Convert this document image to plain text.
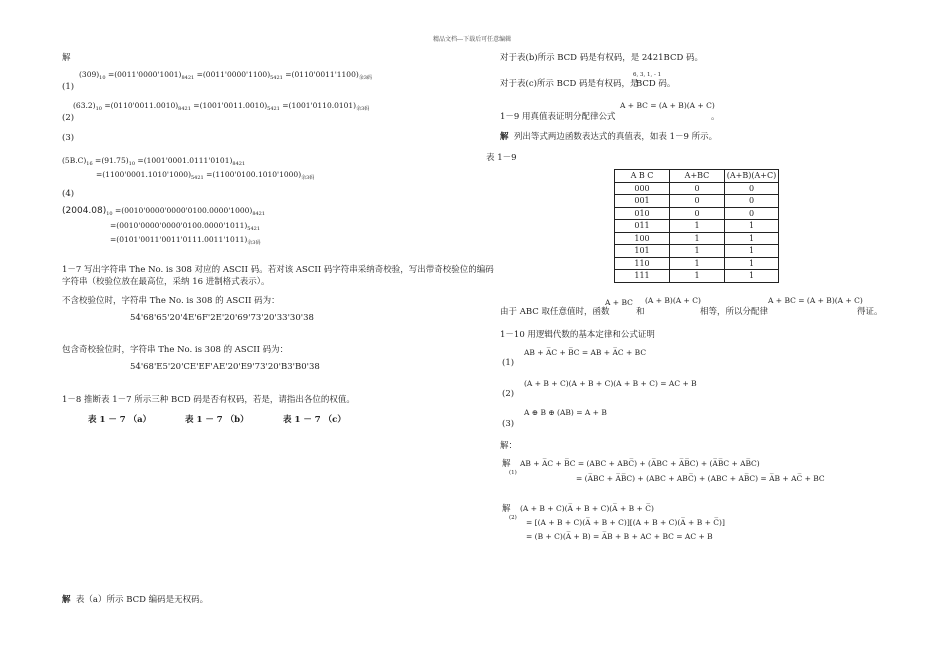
精品文档---下载后可任意编辑
解
$(309)_{10} =(0011'0000'1001)_{8421} =(0011'0000'1100)_{5421} =(0110'0011'1100)_{余3码}$
(1)
$(63.2)_{10} =(0110'0011.0010)_{8421} =(1001'0011.0010)_{5421} =(1001'0110.0101)_{余3码}$
(2)
(3)
$(5B.C)_{16} =(91.75)_{10} =(1001'0001.0111'0101)_{8421}$
$=(1100'0001.1010'1000)_{5421} =(1100'0100.1010'1000)_{余3码}$
(4)
$(2004.08)_{10} =(0010'0000'0000'0100.0000'1000)_{8421}$
$=(0010'0000'0000'0100.0000'1011)_{5421}$
$=(0101'0011'0011'0111.0011'1011)_{余3码}$
1－7 写出字符串 The No. is 308 对应的 ASCII 码。若对该 ASCII 码字符串采纳奇校验，写出带奇校验位的编码
字符串（校验位放在最高位，采纳 16 进制格式表示）。
不含校验位时，字符串 The No. is 308 的 ASCII 码为：
54'68'65'20'4E'6F'2E'20'69'73'20'33'30'38
包含奇校验位时，字符串 The No. is 308 的 ASCII 码为：
54'68'E5'20'CE'EF'AE'20'E9'73'20'B3'B0'38
1－8 推断表 1－7 所示三种 BCD 码是否有权码，若是，请指出各位的权值。
表 1 － 7 （a）	表 1 － 7 （b）	表 1 － 7 （c）
解 表（a）所示 BCD 编码是无权码。
对于表(b)所示 BCD 码是有权码，是 2421BCD 码。
对于表(c)所示 BCD 码是有权码，是
6, 3, 1, - 1
BCD 码。
A + BC = (A + B)(A + C)
1－9 用真值表证明分配律公式	。
解 列出等式两边函数表达式的真值表，如表 1－9 所示。
表 1－9
A B C	A+BC	(A+B)(A+C)
000	0	0
001	0	0
010	0	0
011	1	1
100	1	1
101	1	1
110	1	1
111	1	1
A + BC (A + B)(A + C)	A + BC = (A + B)(A + C)
由于 ABC 取任意值时，函数	和	相等，所以分配律	得证。
1－10 用逻辑代数的基本定律和公式证明
AB + A̅C + B̅C = AB + A̅C + BC
(1)
(A + B + C)(A + B + C)(A + B + C) = AC + B
(2)
A ⊕ B ⊕ (AB) = A + B
(3)
解：
解
(1)
AB + A̅C + B̅C = (ABC + ABC̅) + (A̅BC + A̅B̅C) + (A̅B̅C + AB̅C)
= (A̅BC + A̅B̅C) + (ABC + ABC̅) + (ABC + AB̅C) = A̅B + AC̅ + BC
解
(2)
(A + B + C)(A̅ + B + C)(A̅ + B + C̅)
= [(A + B + C)(A̅ + B + C)][(A + B + C)(A̅ + B + C̅)]
= (B + C)(A̅ + B) = A̅B + B + AC + BC = AC + B
